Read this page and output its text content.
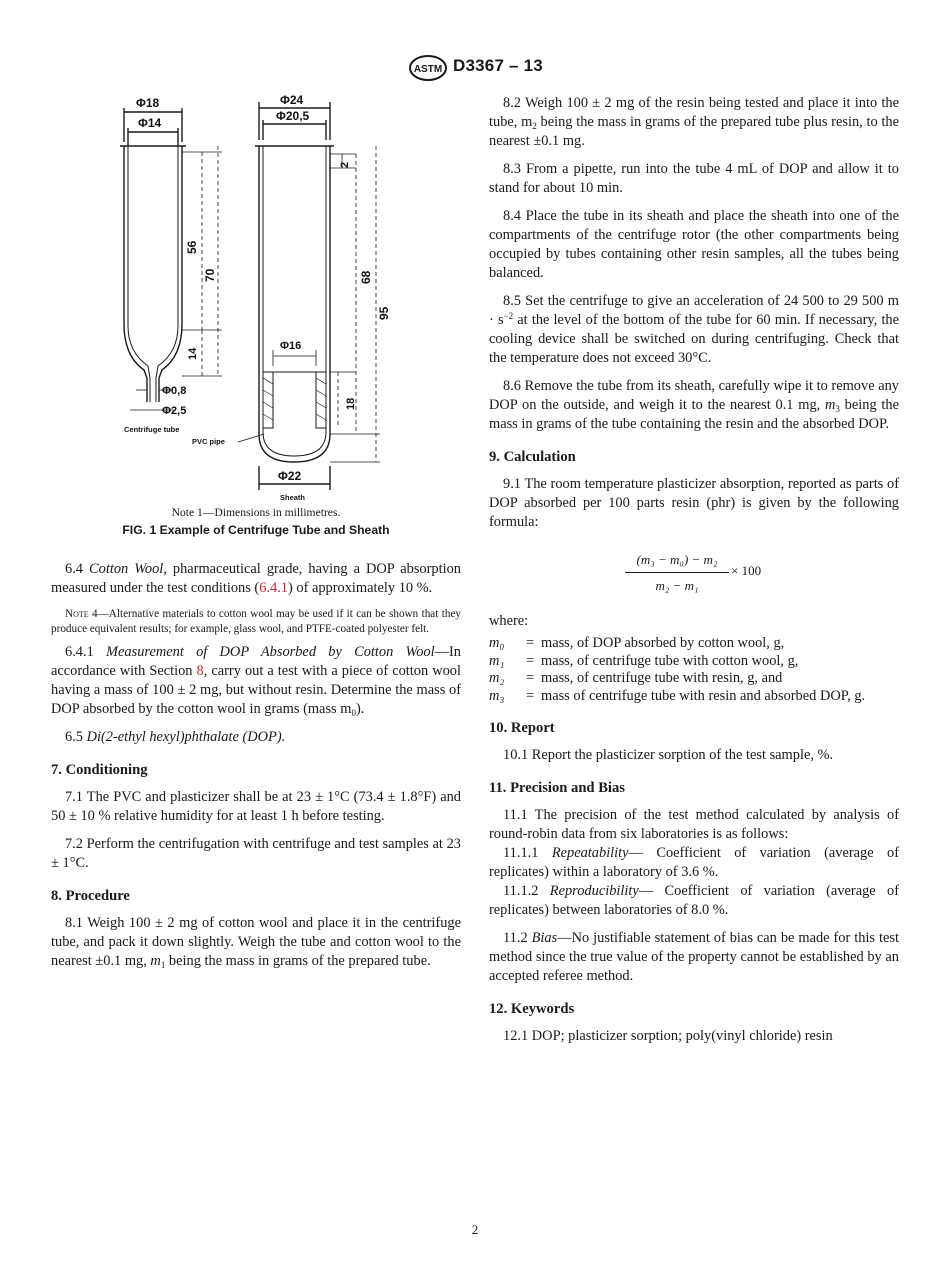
ASTM D3367 – 13
Φ18
Φ14
Φ24
Φ20,5
56
70
14
2
68
95
18
Φ16
Φ0,8
Φ2,5
Centrifuge tube
PVC pipe
Φ22
Sheath
Note 1—Dimensions in millimetres.
FIG. 1 Example of Centrifuge Tube and Sheath

6.4 Cotton Wool, pharmaceutical grade, having a DOP absorption measured under the test conditions (6.4.1) of approximately 10 %.

Note 4—Alternative materials to cotton wool may be used if it can be shown that they produce equivalent results; for example, glass wool, and PTFE-coated polyester felt.

6.4.1 Measurement of DOP Absorbed by Cotton Wool—In accordance with Section 8, carry out a test with a piece of cotton wool having a mass of 100 ± 2 mg, but without resin. Determine the mass of DOP absorbed by the cotton wool in grams (mass $m_0$).

6.5 Di(2-ethyl hexyl)phthalate (DOP).

7. Conditioning

7.1 The PVC and plasticizer shall be at 23 ± 1°C (73.4 ± 1.8°F) and 50 ± 10 % relative humidity for at least 1 h before testing.

7.2 Perform the centrifugation with centrifuge and test samples at 23 ± 1°C.

8. Procedure

8.1 Weigh 100 ± 2 mg of cotton wool and place it in the centrifuge tube, and pack it down slightly. Weigh the tube and cotton wool to the nearest ±0.1 mg, $m_1$ being the mass in grams of the prepared tube.

8.2 Weigh 100 ± 2 mg of the resin being tested and place it into the tube, $m_2$ being the mass in grams of the prepared tube plus resin, to the nearest ±0.1 mg.

8.3 From a pipette, run into the tube 4 mL of DOP and allow it to stand for about 10 min.

8.4 Place the tube in its sheath and place the sheath into one of the compartments of the centrifuge rotor (the other compartments being occupied by tubes containing other resin samples, all the tubes being balanced.

8.5 Set the centrifuge to give an acceleration of 24 500 to 29 500 $m \cdot s^{-2}$ at the level of the bottom of the tube for 60 min. If necessary, the cooling device shall be switched on during centrifuging. Check that the temperature does not exceed 30°C.

8.6 Remove the tube from its sheath, carefully wipe it to remove any DOP on the outside, and weigh it to the nearest 0.1 mg, $m_3$ being the mass in grams of the tube containing the resin and the absorbed DOP.

9. Calculation

9.1 The room temperature plasticizer absorption, reported as parts of DOP absorbed per 100 parts resin (phr) is given by the following formula:

(m₃ − m₀) − m₂
m₂ − m₁
× 100

where:

m₀	= mass, of DOP absorbed by cotton wool, g,
m₁	= mass, of centrifuge tube with cotton wool, g,
m₂	= mass, of centrifuge tube with resin, g, and
m₃	= mass of centrifuge tube with resin and absorbed DOP, g.
10. Report

10.1 Report the plasticizer sorption of the test sample, %.

11. Precision and Bias

11.1 The precision of the test method calculated by analysis of round-robin data from six laboratories is as follows:

11.1.1 Repeatability— Coefficient of variation (average of replicates) within a laboratory of 3.6 %.

11.1.2 Reproducibility— Coefficient of variation (average of replicates) between laboratories of 8.0 %.

11.2 Bias—No justifiable statement of bias can be made for this test method since the true value of the property cannot be established by an accepted referee method.

12. Keywords

12.1 DOP; plasticizer sorption; poly(vinyl chloride) resin

2
